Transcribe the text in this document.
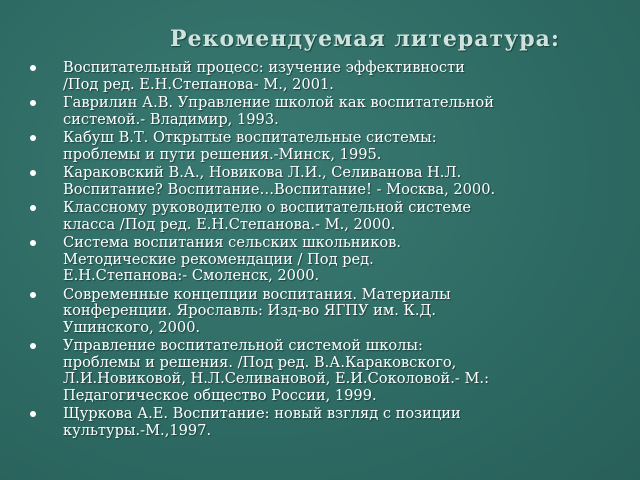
Рекомендуемая литература:
Воспитательный процесс: изучение эффективности
/Под ред. Е.Н.Степанова- М., 2001.
Гаврилин А.В. Управление школой как воспитательной
системой.- Владимир, 1993.
Кабуш В.Т. Открытые воспитательные системы:
проблемы и пути решения.-Минск, 1995.
Караковский В.А., Новикова Л.И., Селиванова Н.Л.
Воспитание? Воспитание…Воспитание! - Москва, 2000.
Классному руководителю о воспитательной системе
класса /Под ред. Е.Н.Степанова.- М., 2000.
Система воспитания сельских школьников.
Методические рекомендации / Под ред.
Е.Н.Степанова:- Смоленск, 2000.
Современные концепции воспитания. Материалы
конференции. Ярославль: Изд-во ЯГПУ им. К.Д.
Ушинского, 2000.
Управление воспитательной системой школы:
проблемы и решения. /Под ред. В.А.Караковского,
Л.И.Новиковой, Н.Л.Селивановой, Е.И.Соколовой.- М.:
Педагогическое общество России, 1999.
Щуркова А.Е. Воспитание: новый взгляд с позиции
культуры.-М.,1997.
